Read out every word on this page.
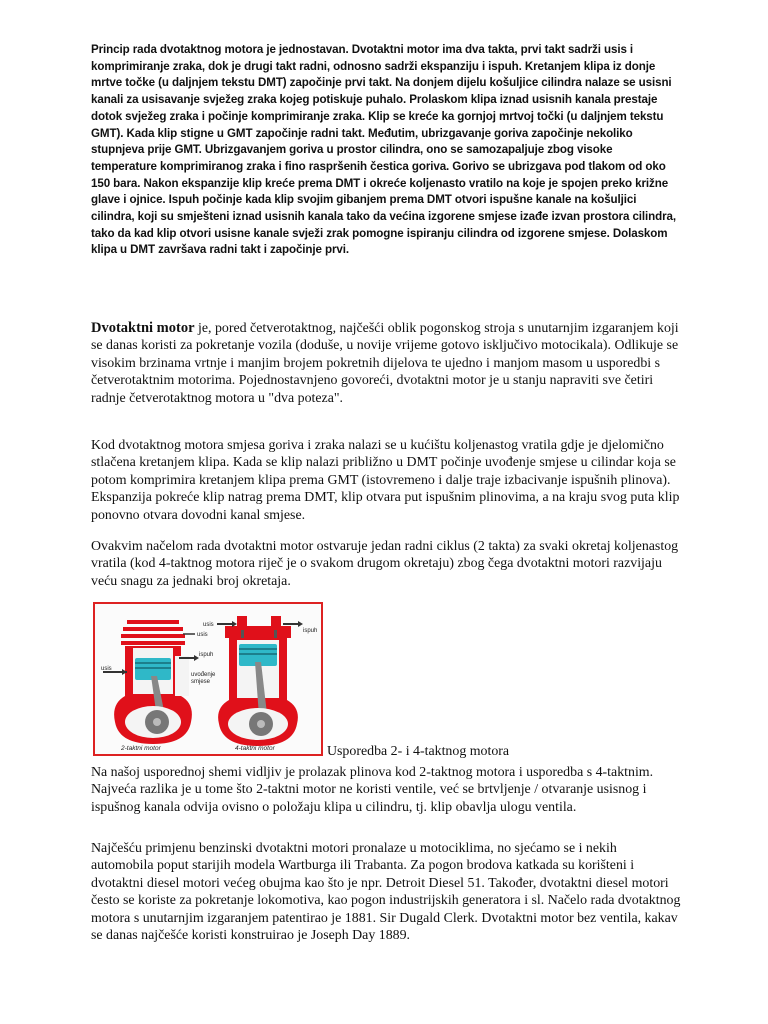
Princip rada dvotaktnog motora je jednostavan. Dvotaktni motor ima dva takta, prvi takt sadrži usis i komprimiranje zraka, dok je drugi takt radni, odnosno sadrži ekspanziju i ispuh. Kretanjem klipa iz donje mrtve točke (u daljnjem tekstu DMT) započinje prvi takt. Na donjem dijelu košuljice cilindra nalaze se usisni kanali za usisavanje svježeg zraka kojeg potiskuje puhalo. Prolaskom klipa iznad usisnih kanala prestaje dotok svježeg zraka i počinje komprimiranje zraka. Klip se kreće ka gornjoj mrtvoj točki (u daljnjem tekstu GMT). Kada klip stigne u GMT započinje radni takt. Međutim, ubrizgavanje goriva započinje nekoliko stupnjeva prije GMT. Ubrizgavanjem goriva u prostor cilindra, ono se samozapaljuje zbog visoke temperature komprimiranog zraka i fino raspršenih čestica goriva. Gorivo se ubrizgava pod tlakom od oko 150 bara. Nakon ekspanzije klip kreće prema DMT i okreće koljenasto vratilo na koje je spojen preko križne glave i ojnice. Ispuh počinje kada klip svojim gibanjem prema DMT otvori ispušne kanale na košuljici cilindra, koji su smješteni iznad usisnih kanala tako da većina izgorene smjese izađe izvan prostora cilindra, tako da kad klip otvori usisne kanale svježi zrak pomogne ispiranju cilindra od izgorene smjese. Dolaskom klipa u DMT završava radni takt i započinje prvi.

Dvotaktni motor je, pored četverotaktnog, najčešći oblik pogonskog stroja s unutarnjim izgaranjem koji se danas koristi za pokretanje vozila (doduše, u novije vrijeme gotovo isključivo motocikala). Odlikuje se visokim brzinama vrtnje i manjim brojem pokretnih dijelova te ujedno i manjom masom u usporedbi s četverotaktnim motorima. Pojednostavnjeno govoreći, dvotaktni motor je u stanju napraviti sve četiri radnje četverotaktnog motora u "dva poteza".

Kod dvotaktnog motora smjesa goriva i zraka nalazi se u kućištu koljenastog vratila gdje je djelomično stlačena kretanjem klipa. Kada se klip nalazi približno u DMT počinje uvođenje smjese u cilindar koja se potom komprimira kretanjem klipa prema GMT (istovremeno i dalje traje izbacivanje ispušnih plinova). Ekspanzija pokreće klip natrag prema DMT, klip otvara put ispušnim plinovima, a na kraju svog puta klip ponovno otvara dovodni kanal smjese.

Ovakvim načelom rada dvotaktni motor ostvaruje jedan radni ciklus (2 takta) za svaki okretaj koljenastog vratila (kod 4-taktnog motora riječ je o svakom drugom okretaju) zbog čega dvotaktni motori razvijaju veću snagu za jednaki broj okretaja.

usis
usis
ispuh
uvođenje
smjese
2-taktni motor
usis
ispuh
4-taktni motor	Usporedba 2- i 4-taktnog motora

Na našoj usporednoj shemi vidljiv je prolazak plinova kod 2-taktnog motora i usporedba s 4-taktnim. Najveća razlika je u tome što 2-taktni motor ne koristi ventile, već se brtvljenje / otvaranje usisnog i ispušnog kanala odvija ovisno o položaju klipa u cilindru, tj. klip obavlja ulogu ventila.

Najčešću primjenu benzinski dvotaktni motori pronalaze u motociklima, no sjećamo se i nekih automobila poput starijih modela Wartburga ili Trabanta. Za pogon brodova katkada su korišteni i dvotaktni diesel motori većeg obujma kao što je npr. Detroit Diesel 51. Također, dvotaktni diesel motori često se koriste za pokretanje lokomotiva, kao pogon industrijskih generatora i sl. Načelo rada dvotaktnog motora s unutarnjim izgaranjem patentirao je 1881. Sir Dugald Clerk. Dvotaktni motor bez ventila, kakav se danas najčešće koristi konstruirao je Joseph Day 1889.
